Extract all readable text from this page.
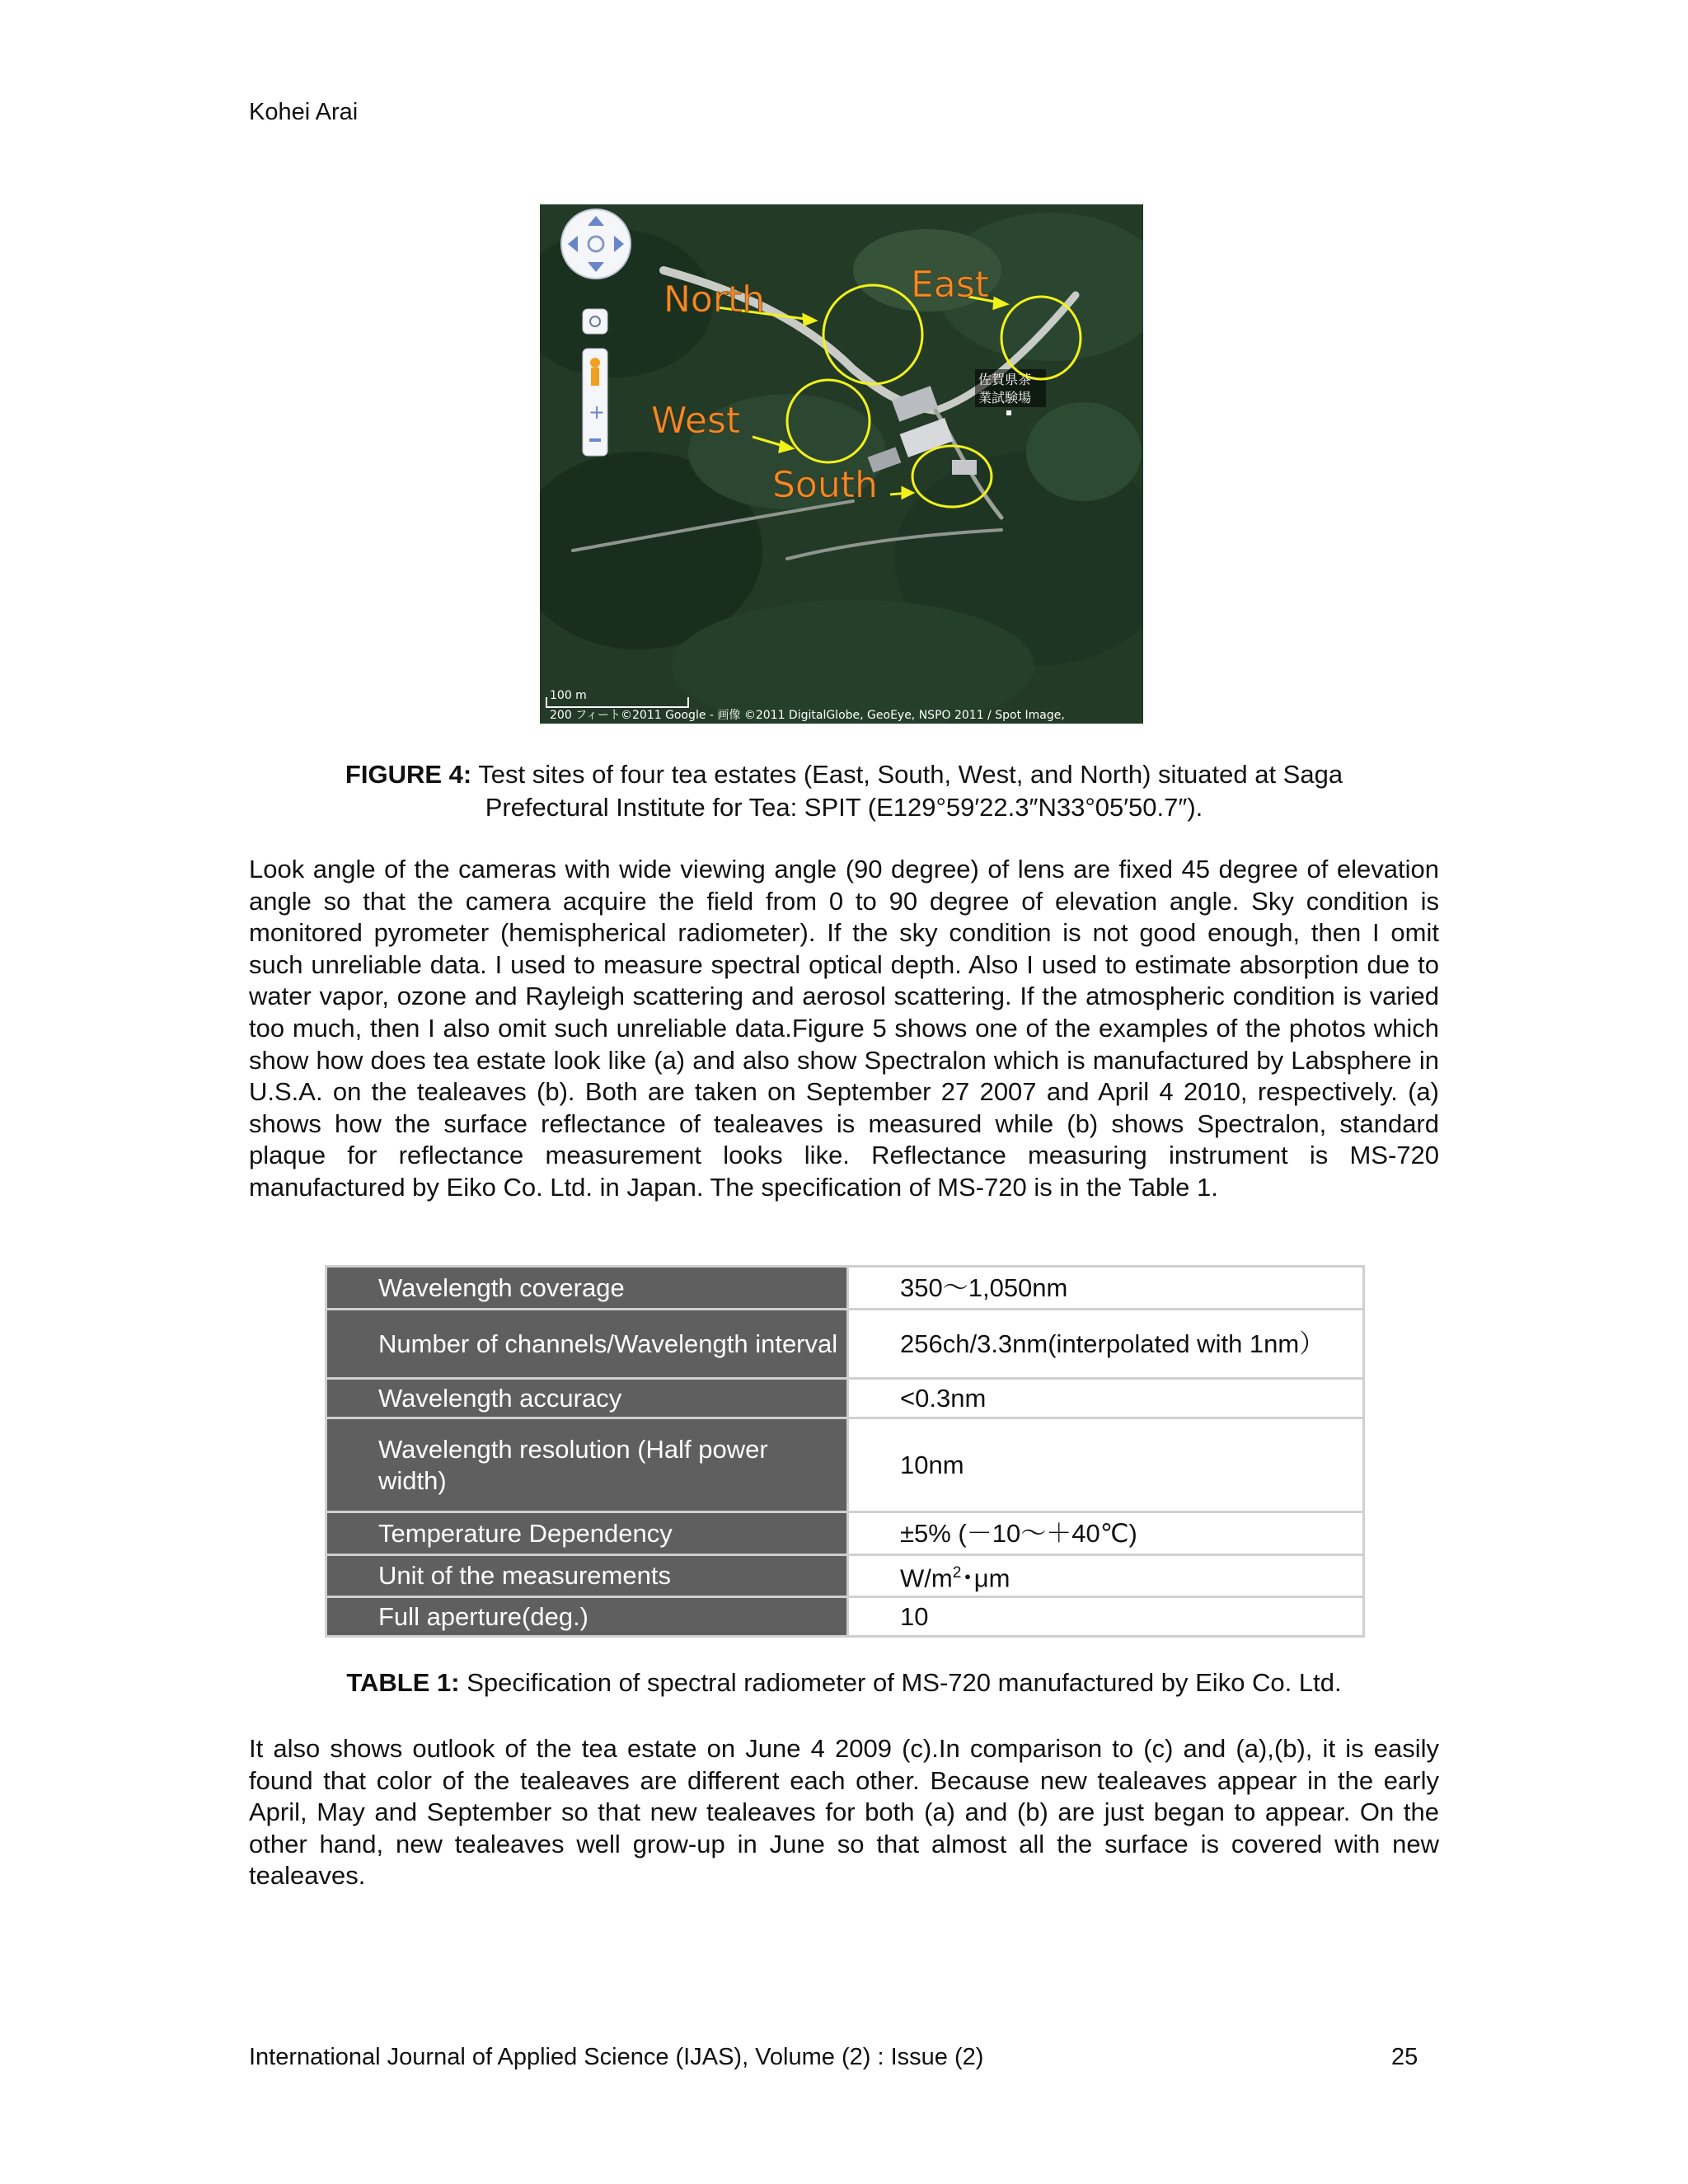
Kohei Arai
佐賀県茶
業試験場
North	East
West
South
+
100 m
200 フィート ©2011 Google - 画像 ©2011 DigitalGlobe, GeoEye, NSPO 2011 / Spot Image,
FIGURE 4: Test sites of four tea estates (East, South, West, and North) situated at Saga
Prefectural Institute for Tea: SPIT (E129°59′22.3″N33°05′50.7″).
Look angle of the cameras with wide viewing angle (90 degree) of lens are fixed 45 degree of elevation angle so that the camera acquire the field from 0 to 90 degree of elevation angle. Sky condition is monitored pyrometer (hemispherical radiometer). If the sky condition is not good enough, then I omit such unreliable data. I used to measure spectral optical depth. Also I used to estimate absorption due to water vapor, ozone and Rayleigh scattering and aerosol scattering. If the atmospheric condition is varied too much, then I also omit such unreliable data.Figure 5 shows one of the examples of the photos which show how does tea estate look like (a) and also show Spectralon which is manufactured by Labsphere in U.S.A. on the tealeaves (b). Both are taken on September 27 2007 and April 4 2010, respectively. (a) shows how the surface reflectance of tealeaves is measured while (b) shows Spectralon, standard plaque for reflectance measurement looks like. Reflectance measuring instrument is MS-720 manufactured by Eiko Co. Ltd. in Japan. The specification of MS-720 is in the Table 1.
Wavelength coverage	350～1,050nm
Number of channels/Wavelength interval	256ch/3.3nm(interpolated with 1nm）
Wavelength accuracy	<0.3nm
Wavelength resolution (Half power width)	10nm
Temperature Dependency	±5% (－10～＋40℃)
Unit of the measurements	$W/m^2$･μm
Full aperture(deg.)	10
TABLE 1: Specification of spectral radiometer of MS-720 manufactured by Eiko Co. Ltd.
It also shows outlook of the tea estate on June 4 2009 (c).In comparison to (c) and (a),(b), it is easily found that color of the tealeaves are different each other. Because new tealeaves appear in the early April, May and September so that new tealeaves for both (a) and (b) are just began to appear. On the other hand, new tealeaves well grow-up in June so that almost all the surface is covered with new tealeaves.
International Journal of Applied Science (IJAS), Volume (2) : Issue (2)	25
